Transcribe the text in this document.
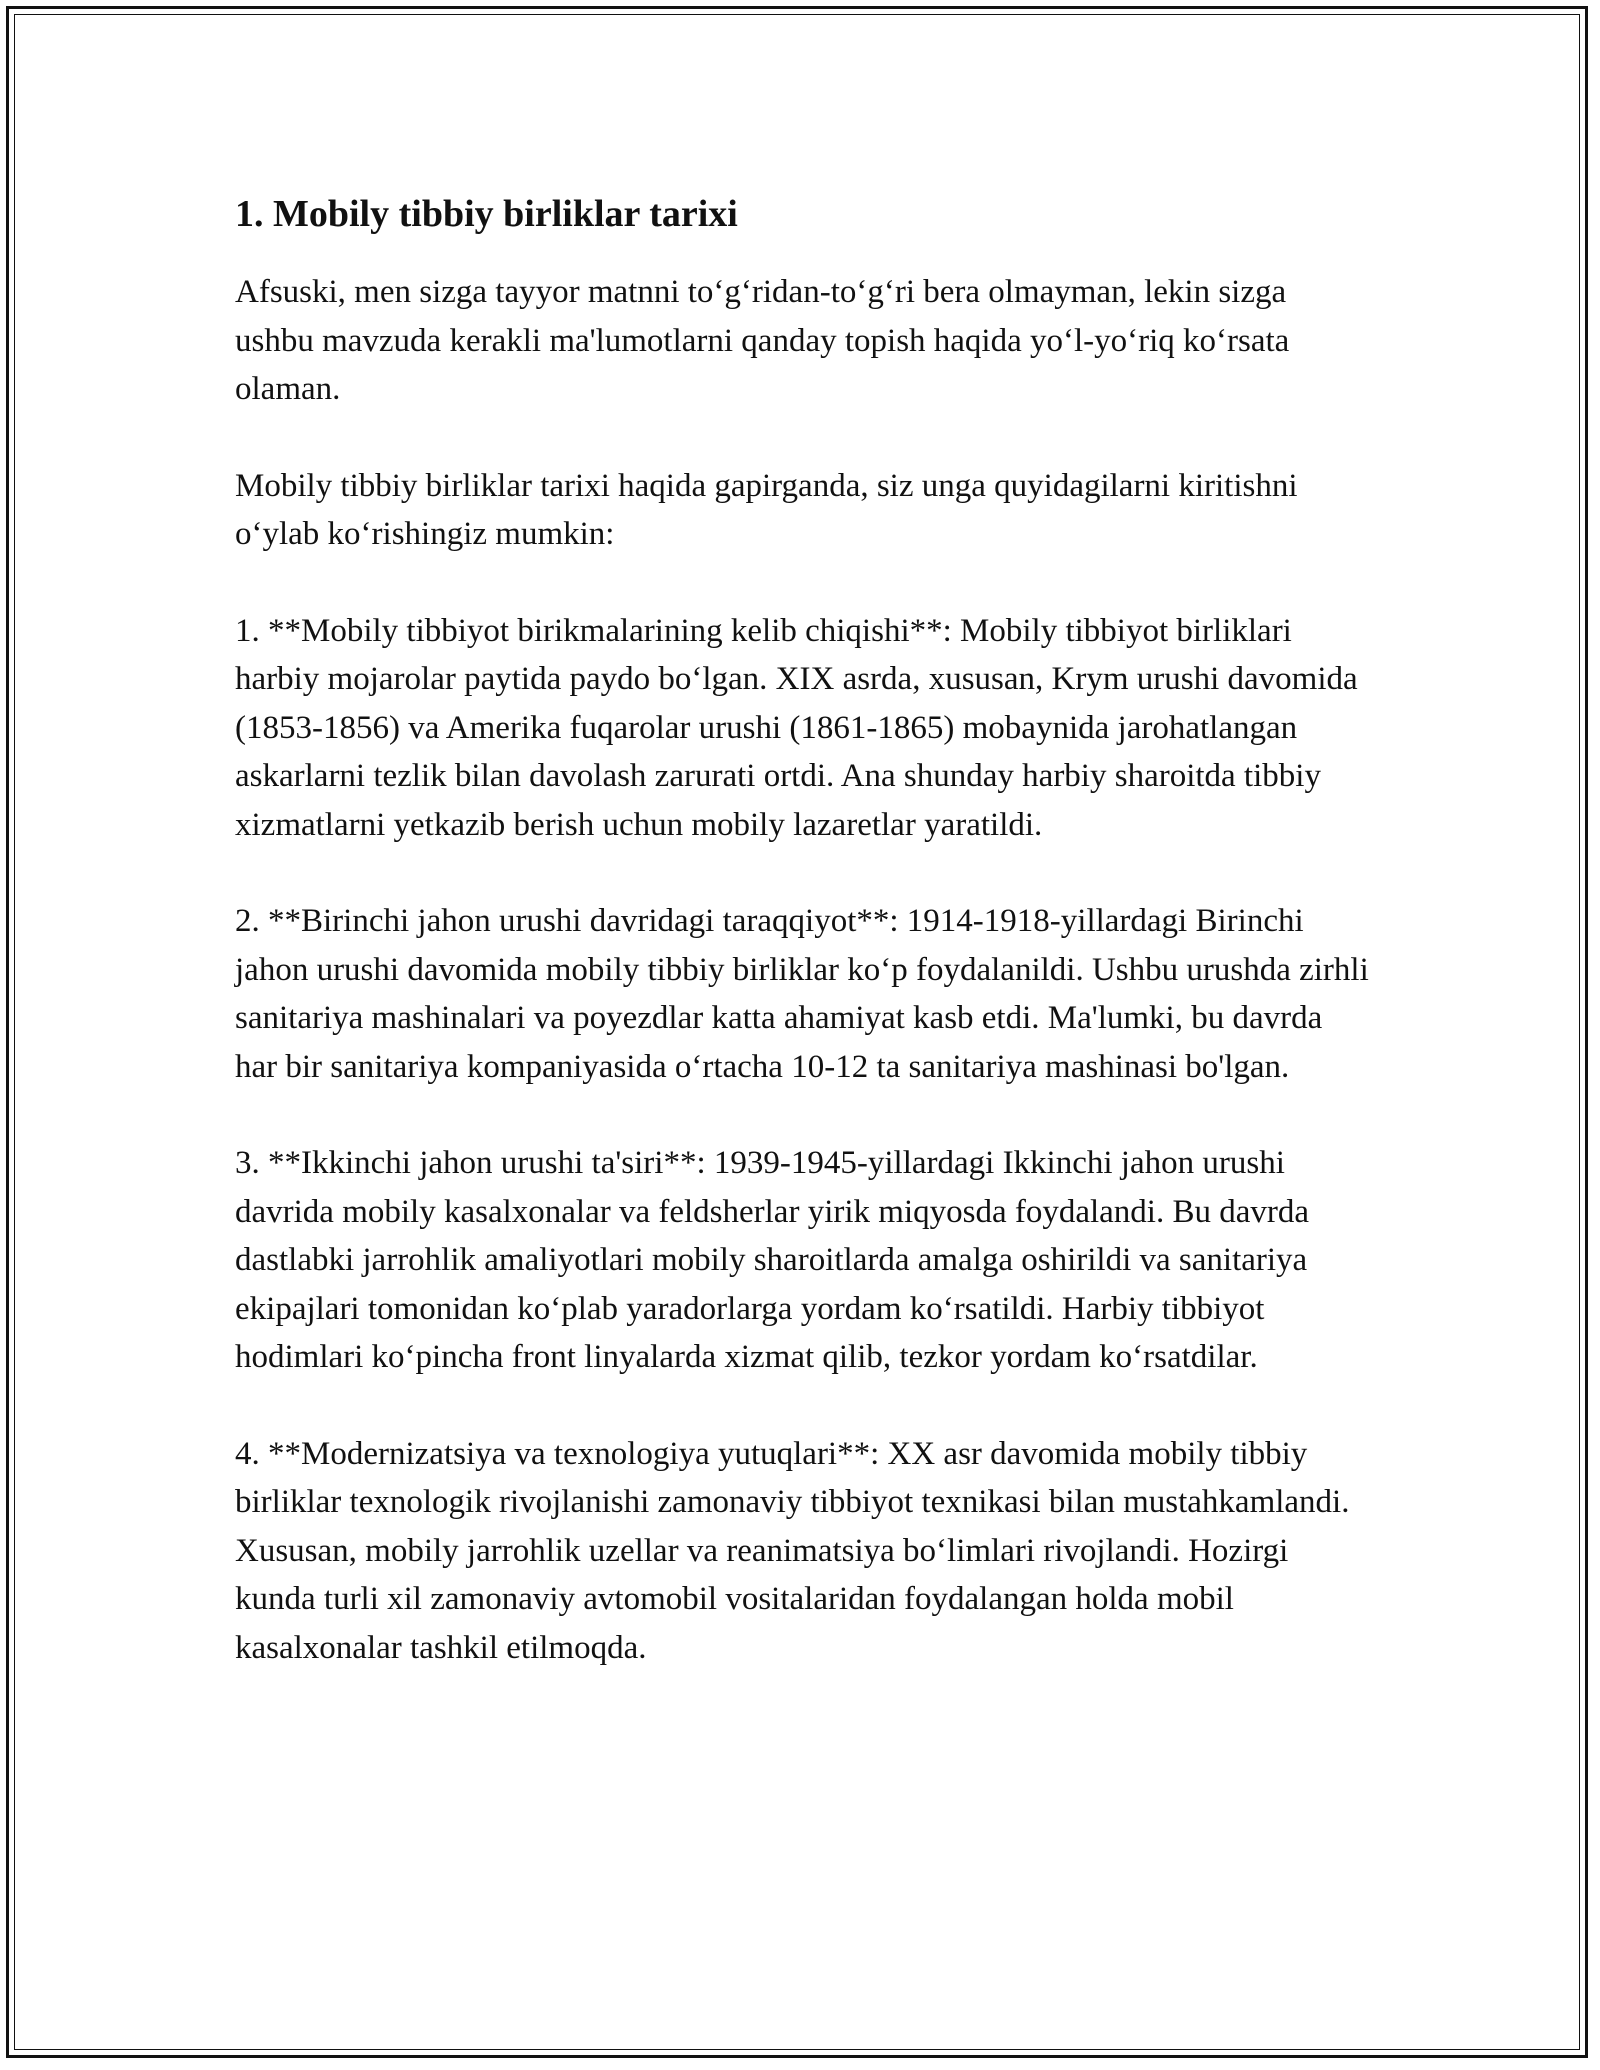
1. Mobily tibbiy birliklar tarixi

Afsuski, men sizga tayyor matnni to‘g‘ridan-to‘g‘ri bera olmayman, lekin sizga ushbu mavzuda kerakli ma'lumotlarni qanday topish haqida yo‘l-yo‘riq ko‘rsata olaman.

Mobily tibbiy birliklar tarixi haqida gapirganda, siz unga quyidagilarni kiritishni o‘ylab ko‘rishingiz mumkin:

1. **Mobily tibbiyot birikmalarining kelib chiqishi**: Mobily tibbiyot birliklari harbiy mojarolar paytida paydo bo‘lgan. XIX asrda, xususan, Krym urushi davomida (1853-1856) va Amerika fuqarolar urushi (1861-1865) mobaynida jarohatlangan askarlarni tezlik bilan davolash zarurati ortdi. Ana shunday harbiy sharoitda tibbiy xizmatlarni yetkazib berish uchun mobily lazaretlar yaratildi.

2. **Birinchi jahon urushi davridagi taraqqiyot**: 1914-1918-yillardagi Birinchi jahon urushi davomida mobily tibbiy birliklar ko‘p foydalanildi. Ushbu urushda zirhli sanitariya mashinalari va poyezdlar katta ahamiyat kasb etdi. Ma'lumki, bu davrda har bir sanitariya kompaniyasida o‘rtacha 10-12 ta sanitariya mashinasi bo'lgan.

3. **Ikkinchi jahon urushi ta'siri**: 1939-1945-yillardagi Ikkinchi jahon urushi davrida mobily kasalxonalar va feldsherlar yirik miqyosda foydalandi. Bu davrda dastlabki jarrohlik amaliyotlari mobily sharoitlarda amalga oshirildi va sanitariya ekipajlari tomonidan ko‘plab yaradorlarga yordam ko‘rsatildi. Harbiy tibbiyot hodimlari ko‘pincha front linyalarda xizmat qilib, tezkor yordam ko‘rsatdilar.

4. **Modernizatsiya va texnologiya yutuqlari**: XX asr davomida mobily tibbiy birliklar texnologik rivojlanishi zamonaviy tibbiyot texnikasi bilan mustahkamlandi. Xususan, mobily jarrohlik uzellar va reanimatsiya bo‘limlari rivojlandi. Hozirgi kunda turli xil zamonaviy avtomobil vositalaridan foydalangan holda mobil kasalxonalar tashkil etilmoqda.
